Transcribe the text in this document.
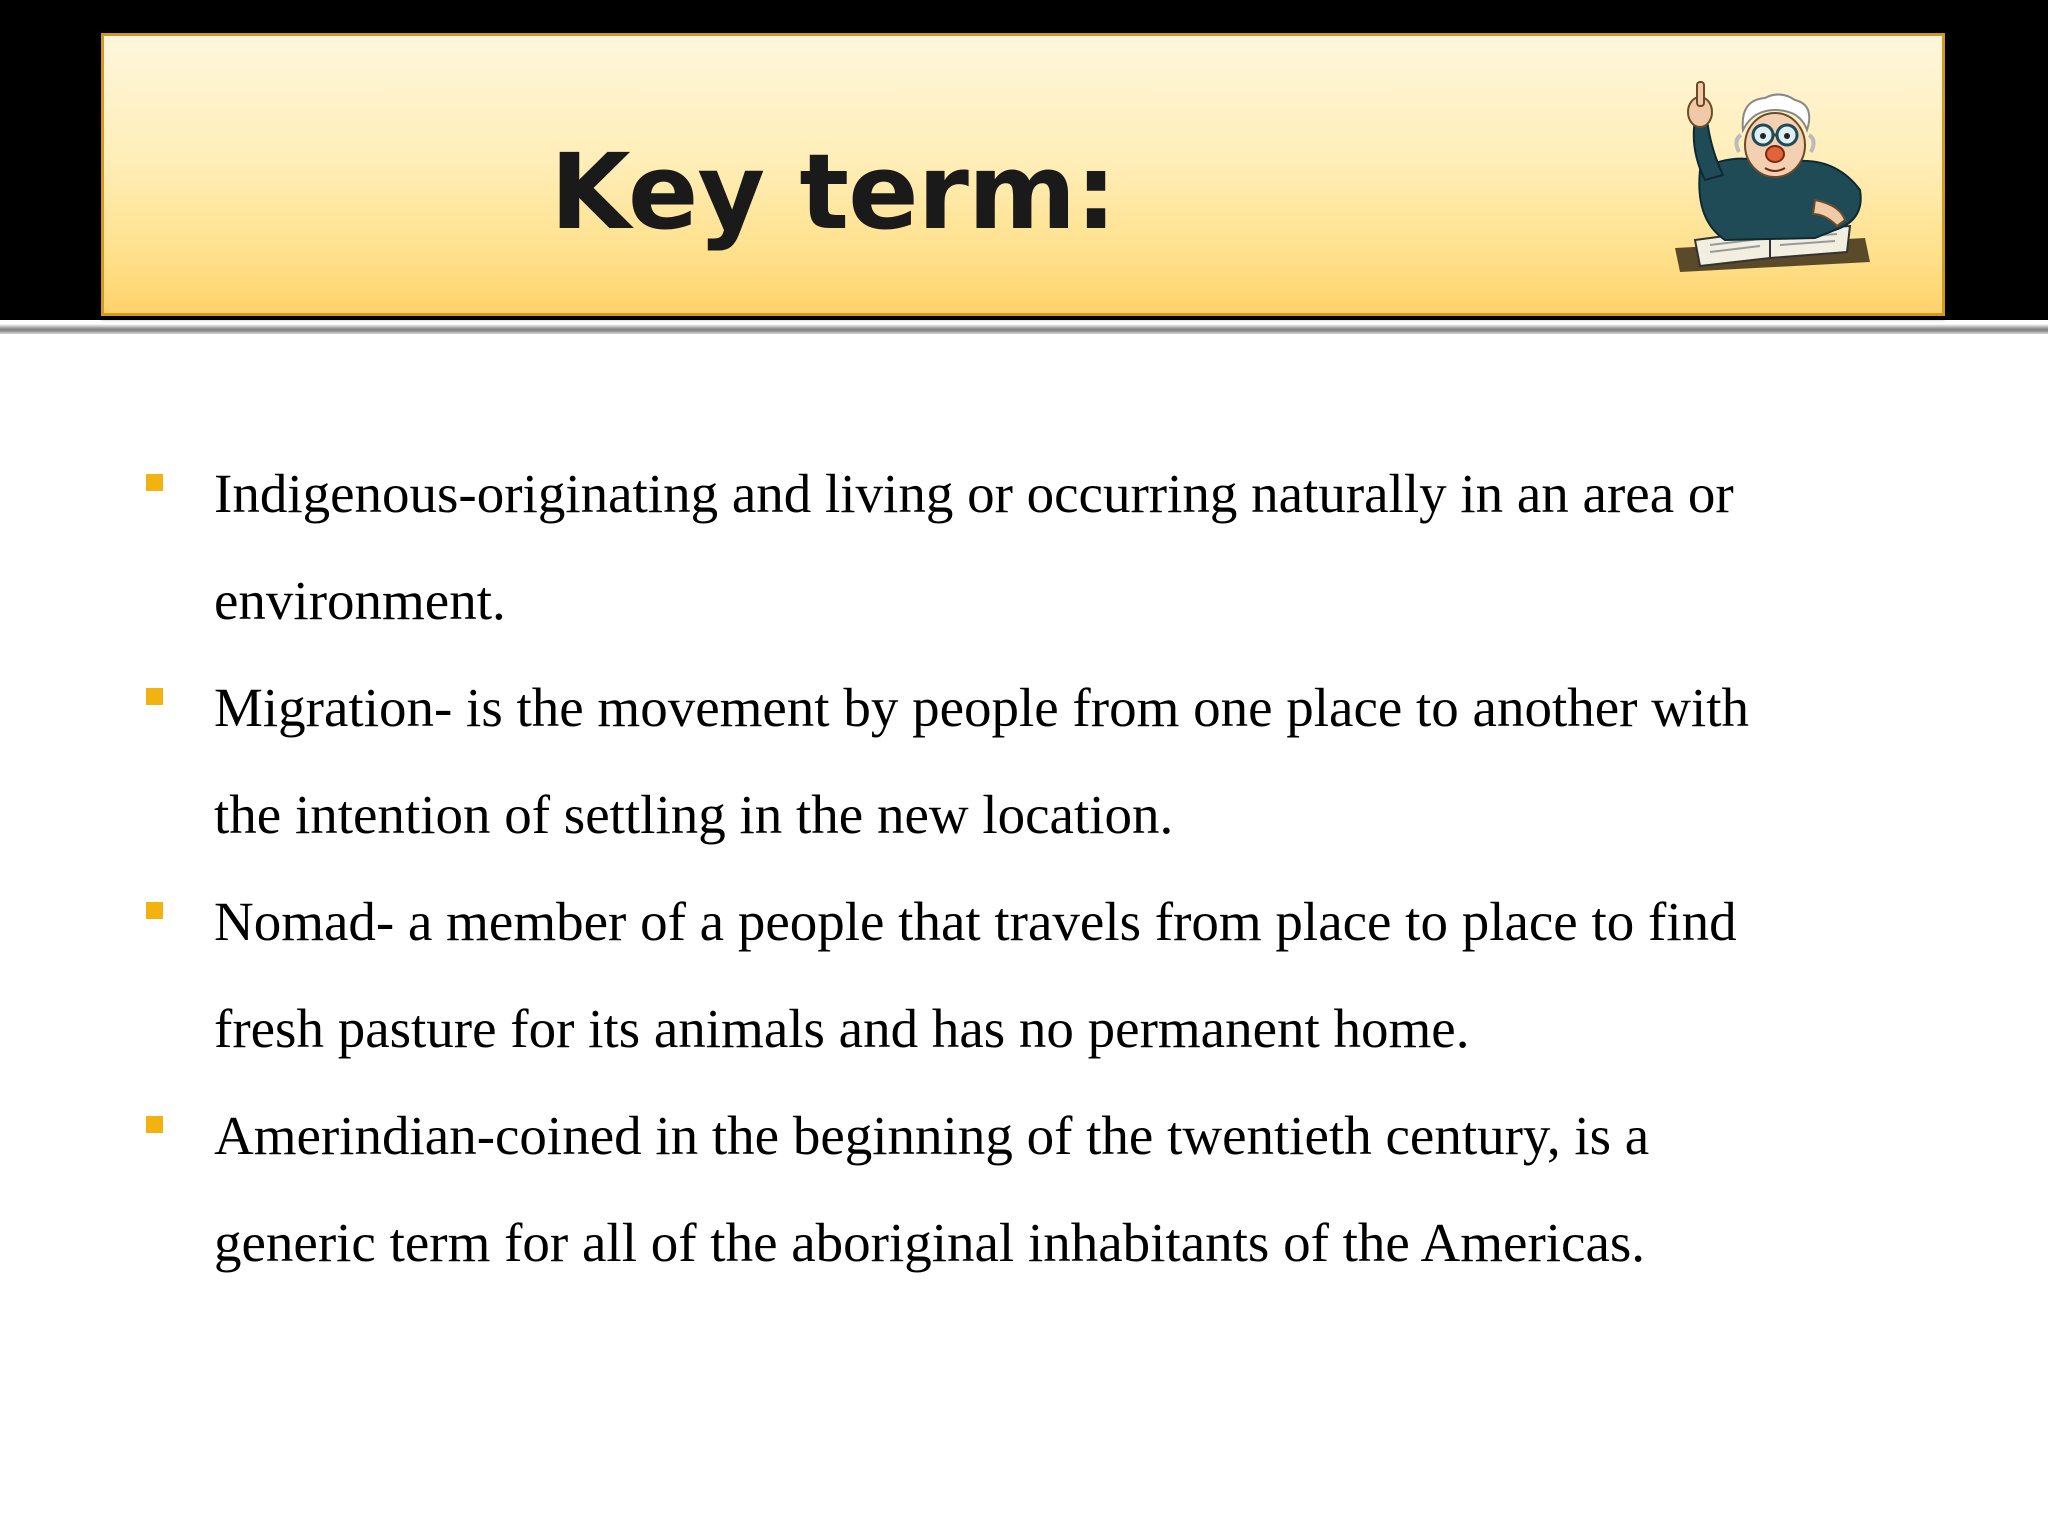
Key term:
Indigenous-originating and living or occurring naturally in an area or
environment.
Migration- is the movement by people from one place to another with
the intention of settling in the new location.
Nomad- a member of a people that travels from place to place to find
fresh pasture for its animals and has no permanent home.
Amerindian-coined in the beginning of the twentieth century, is a
generic term for all of the aboriginal inhabitants of the Americas.
